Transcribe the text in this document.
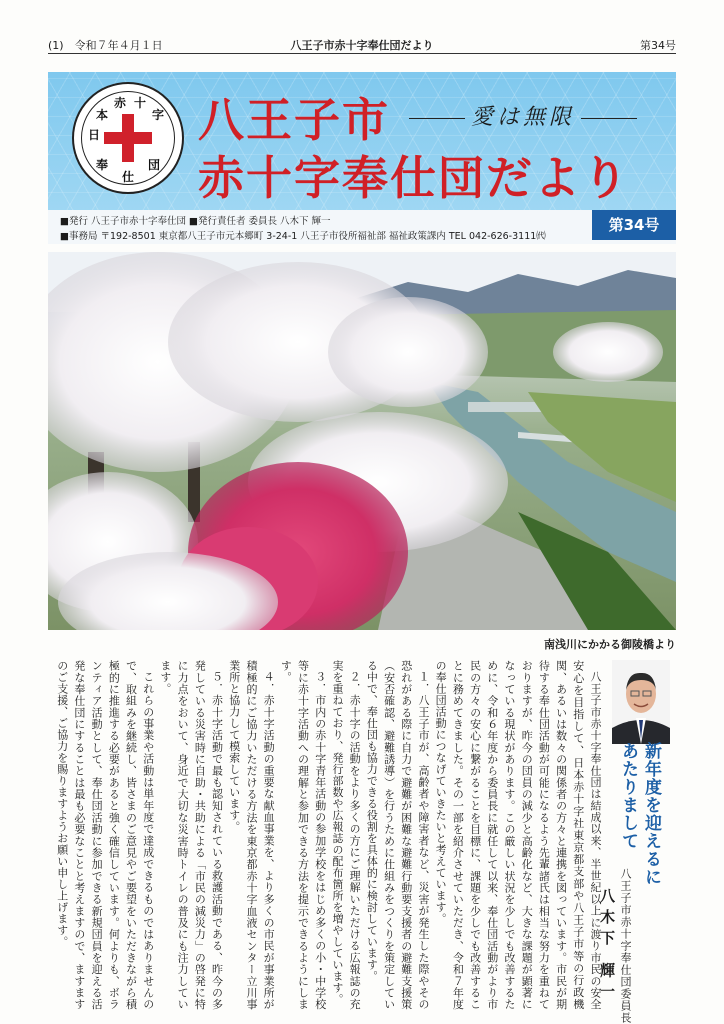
(1)　 令和７年４月１日	八王子市赤十字奉仕団だより	第34号
日
本
赤 十
字
奉
仕
団
八王子市	愛は無限
赤十字奉仕団だより
■発行 八王子市赤十字奉仕団 ■発行責任者 委員長 八木下 輝一
■事務局 〒192-8501 東京都八王子市元本郷町 3-24-1 八王子市役所福祉部 福祉政策課内 TEL 042-626-3111㈹
第34号
南浅川にかかる御陵橋より
新年度を迎えるに
あたりまして
八王子市赤十字奉仕団委員長
八木下 輝一

八王子市赤十字奉仕団は結成以来、半世紀以上に渡り市民の安全安心を目指して、日本赤十字社東京都支部や八王子市等の行政機関、あるいは数々の関係者の方々と連携を図っています。市民が期待する奉仕団活動が可能になるよう先輩諸氏は相当な努力を重ねておりますが、昨今の団員の減少と高齢化など、大きな課題が顕著になっている現状があります。この厳しい状況を少しでも改善するために、令和６年度から委員長に就任して以来、奉仕団活動がより市民の方々の安心に繋がることを目標に、課題を少しでも改善することに務めてきました。その一部を紹介させていただき、令和７年度の奉仕団活動につなげていきたいと考えています。

１．八王子市が、高齢者や障害者など、災害が発生した際やその恐れがある際に自力で避難が困難な避難行動要支援者の避難支援策（安否確認、避難誘導）を行うために仕組みをつくりを策定している中で、奉仕団も協力できる役割を具体的に検討しています。

２．赤十字の活動をより多くの方にご理解いただける広報誌の充実を重ねており、発行部数や広報誌の配布箇所を増やしています。

３．市内の赤十字青年活動の参加学校をはじめ多くの小・中学校等に赤十字活動への理解と参加できる方法を提示できるようにします。

４．赤十字活動の重要な献血事業を、より多くの市民が事業所が積極的にご協力いただける方法を東京都赤十字血液センター立川事業所と協力して模索しています。

５．赤十字活動で最も認知されている救護活動である、昨今の多発している災害時に自助・共助による「市民の減災力」の啓発に特に力点をおいて、身近で大切な災害時トイレの普及にも注力しています。

これらの事業や活動は単年度で達成できるものではありませんので、取組みを継続し、皆さまのご意見やご要望をいただきながら積極的に推進する必要があると強く確信しています。何よりも、ボランティア活動として、奉仕団活動に参加できる新規団員を迎える活発な奉仕団にすることは最も必要なことと考えますので、ますますのご支援、ご協力を賜りますようお願い申し上げます。
